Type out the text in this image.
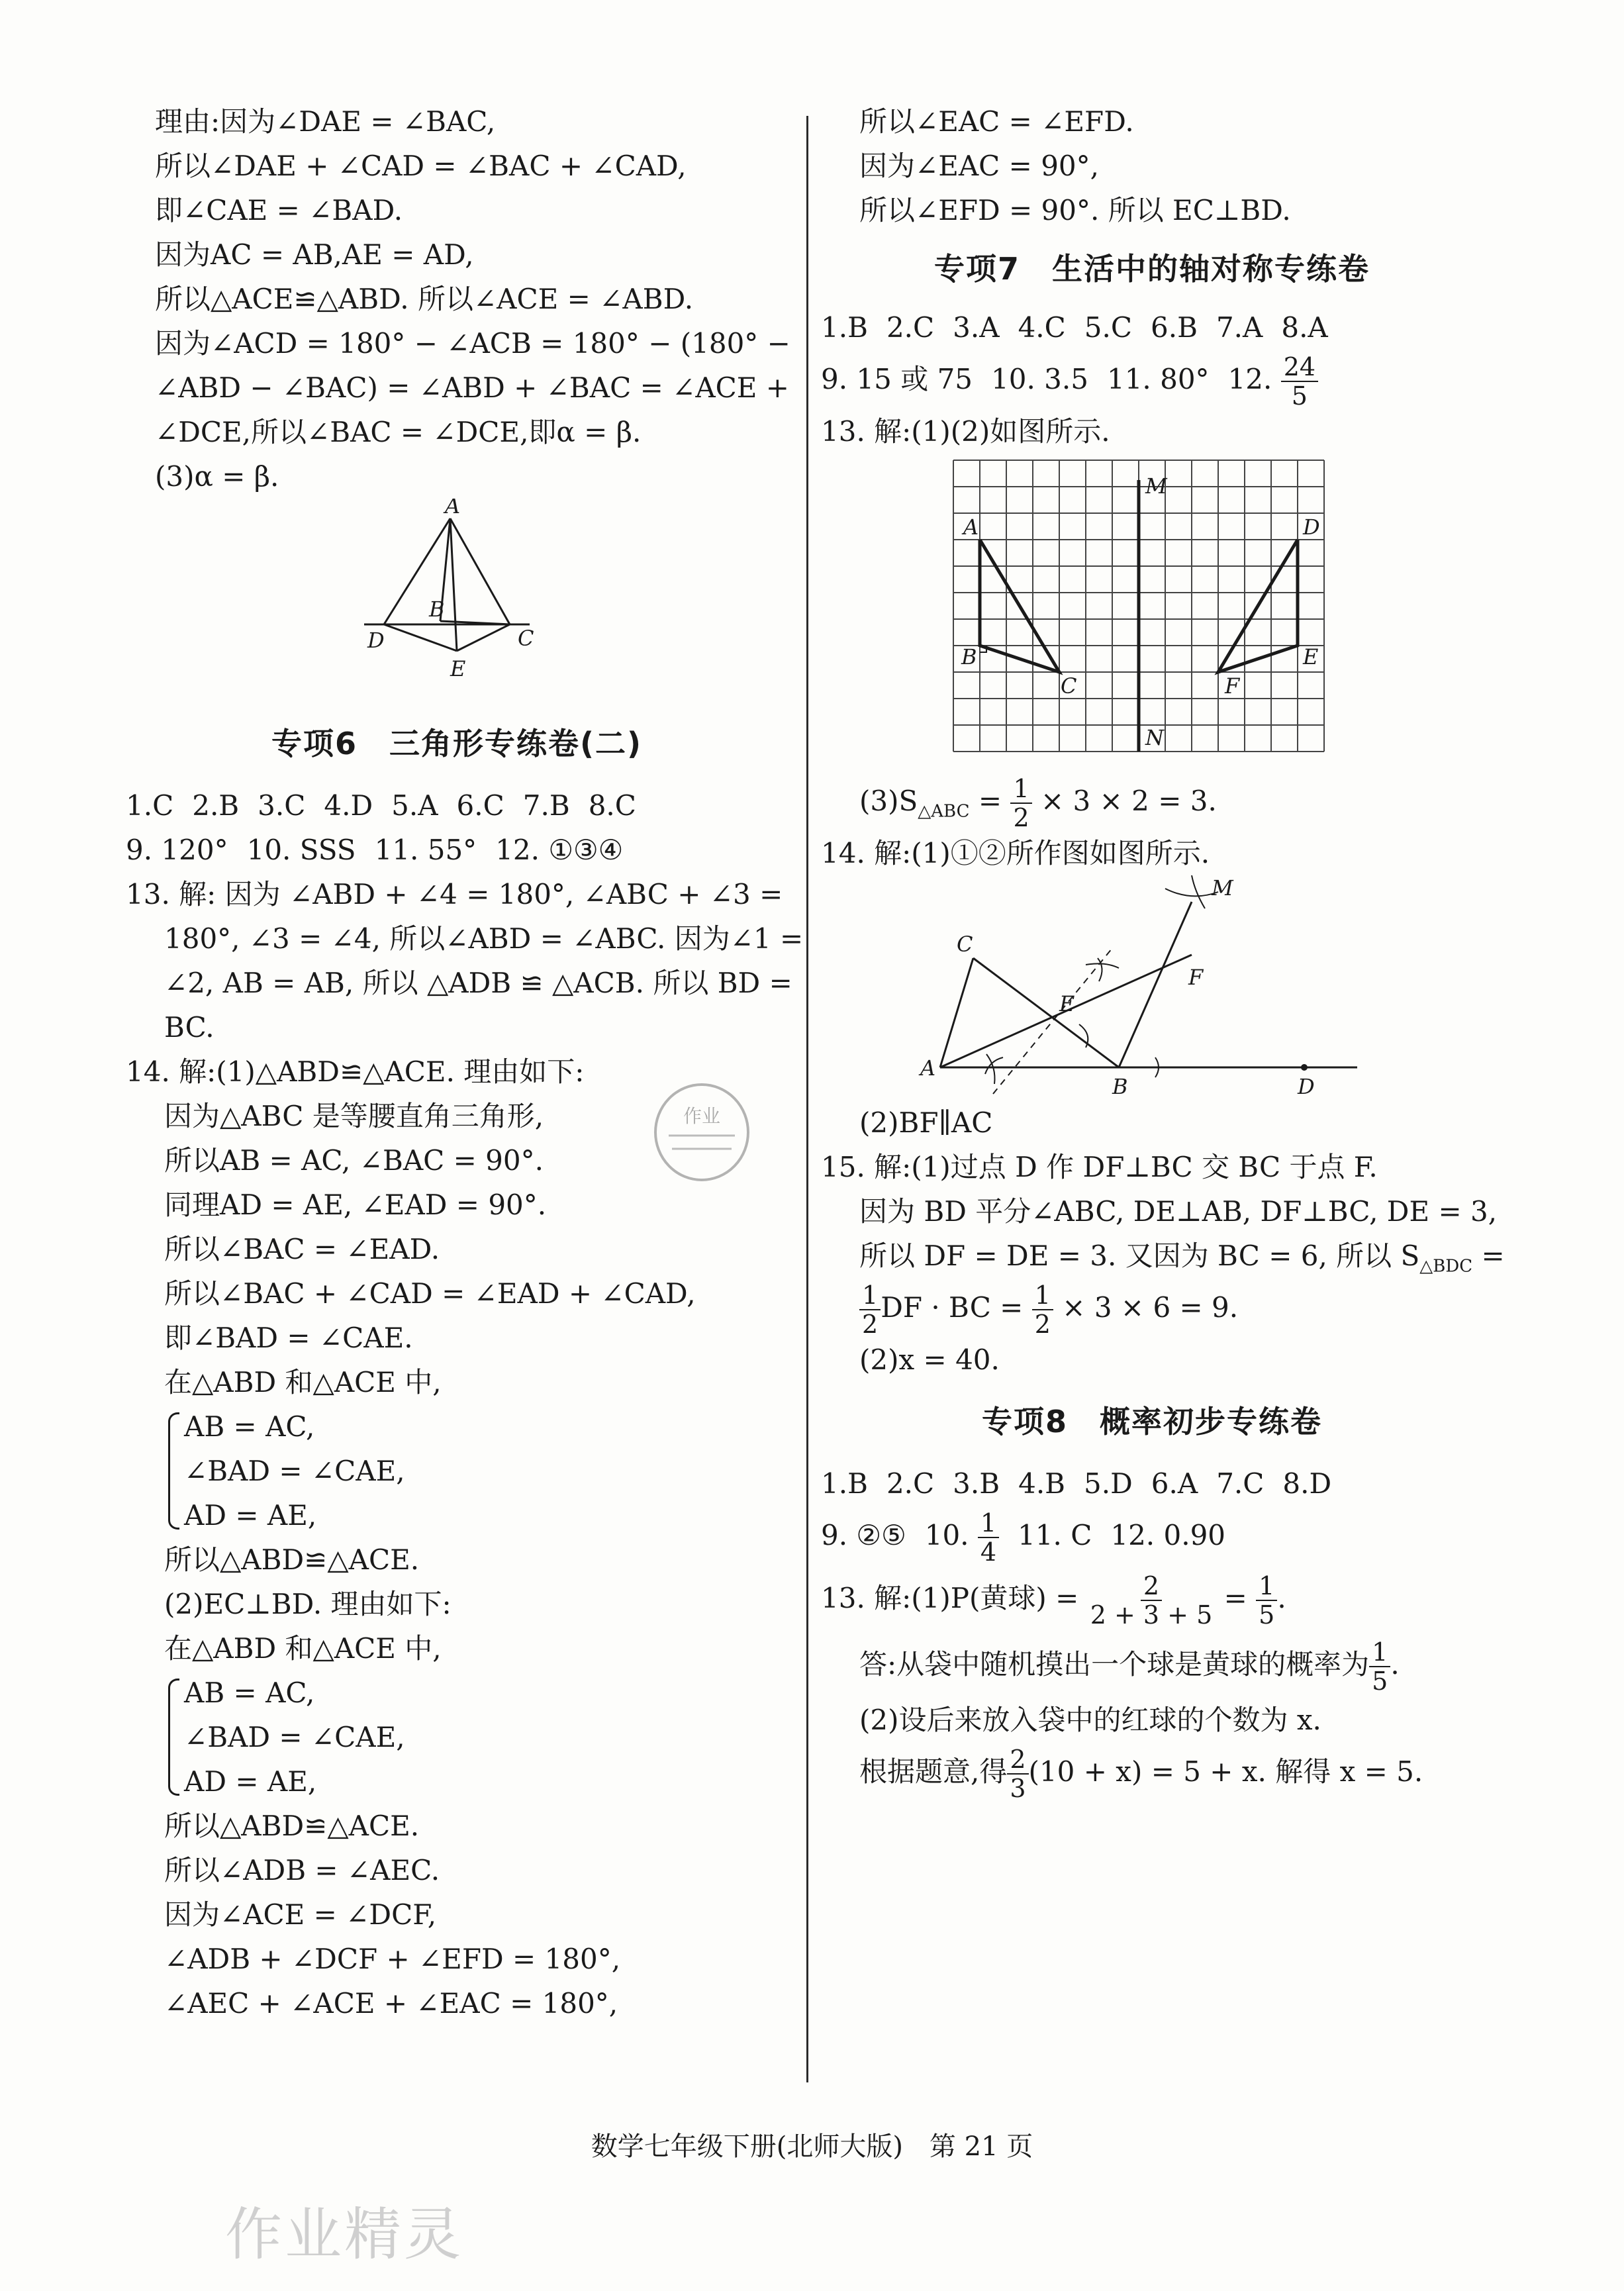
理由:因为∠DAE = ∠BAC,
所以∠DAE + ∠CAD = ∠BAC + ∠CAD,
即∠CAE = ∠BAD.
因为AC = AB,AE = AD,
所以△ACE≌△ABD. 所以∠ACE = ∠ABD.
因为∠ACD = 180° − ∠ACB = 180° − (180° −
∠ABD − ∠BAC) = ∠ABD + ∠BAC = ∠ACE +
∠DCE,所以∠BAC = ∠DCE,即α = β.
(3)α = β.
A
B
C
D
E
专项6　三角形专练卷(二)
1.C 2.B 3.C 4.D 5.A 6.C 7.B 8.C
9. 120° 10. SSS 11. 55° 12. ①③④
13. 解: 因为 ∠ABD + ∠4 = 180°, ∠ABC + ∠3 =
180°, ∠3 = ∠4, 所以∠ABD = ∠ABC. 因为∠1 =
∠2, AB = AB, 所以 △ADB ≌ △ACB. 所以 BD =
BC.
14. 解:(1)△ABD≌△ACE. 理由如下:
因为△ABC 是等腰直角三角形,
所以AB = AC, ∠BAC = 90°.
同理AD = AE, ∠EAD = 90°.
所以∠BAC = ∠EAD.
所以∠BAC + ∠CAD = ∠EAD + ∠CAD,
即∠BAD = ∠CAE.
在△ABD 和△ACE 中,
AB = AC,
∠BAD = ∠CAE,
AD = AE,
所以△ABD≌△ACE.
(2)EC⊥BD. 理由如下:
在△ABD 和△ACE 中,
AB = AC,
∠BAD = ∠CAE,
AD = AE,
所以△ABD≌△ACE.
所以∠ADB = ∠AEC.
因为∠ACE = ∠DCF,
∠ADB + ∠DCF + ∠EFD = 180°,
∠AEC + ∠ACE + ∠EAC = 180°,
所以∠EAC = ∠EFD.
因为∠EAC = 90°,
所以∠EFD = 90°. 所以 EC⊥BD.
专项7　生活中的轴对称专练卷
1.B 2.C 3.A 4.C 5.C 6.B 7.A 8.A
9. 15 或 75 10. 3.5 11. 80° 12. $\frac{24}{5}$
13. 解:(1)(2)如图所示.
M
N
A
B
C
D
E
F
$(3)S_{\triangle ABC} = \frac{1}{2} \times 3 \times 2 = 3$.
14. 解:(1)①②所作图如图所示.
C
E
F
M
A
B	D
(2)BF∥AC
15. 解:(1)过点 D 作 DF⊥BC 交 BC 于点 F.
因为 BD 平分∠ABC, DE⊥AB, DF⊥BC, DE = 3,
所以 DF = DE = 3. 又因为 BC = 6, 所以 $S_{\triangle BDC}$ =
$\frac{1}{2}$ DF · BC = $\frac{1}{2} \times 3 \times 6 = 9$.
(2)x = 40.
专项8　概率初步专练卷
1.B 2.C 3.B 4.B 5.D 6.A 7.C 8.D
9. ②⑤ 10. $\frac{1}{4} 11$. C 12. 0.90
13. 解:(1)P(黄球) = $\frac{2}{2 + 3 + 5} = \frac{1}{5}$ .
答:从袋中随机摸出一个球是黄球的概率为 $\frac{1}{5}$ .
(2)设后来放入袋中的红球的个数为 x.
根据题意,得 $\frac{2}{3} (10 + x) = 5 + x$. 解得 x = 5.
作业
数学七年级下册(北师大版)　第 21 页
作业精灵
